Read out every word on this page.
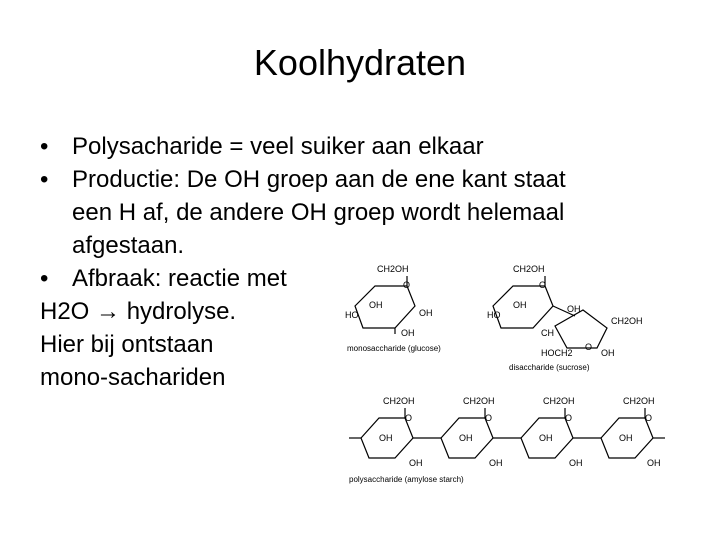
Koolhydraten
• Polysacharide = veel suiker aan elkaar
• Productie: De OH groep aan de ene kant staat
een H af, de andere OH groep wordt helemaal
afgestaan.
• Afbraak: reactie met
H2O → hydrolyse.
Hier bij ontstaan
mono-sachariden
CH2OH
O
OH
OH
HO
OH
monosaccharide (glucose)
CH2OH
O
OH	OH
HO
CH2OH
CH
HOCH2
O
OH
disaccharide (sucrose)
CH2OH	CH2OH	CH2OH	CH2OH
O	O	O	O
OH	OH	OH	OH
OH	OH	OH	OH
polysaccharide (amylose starch)
